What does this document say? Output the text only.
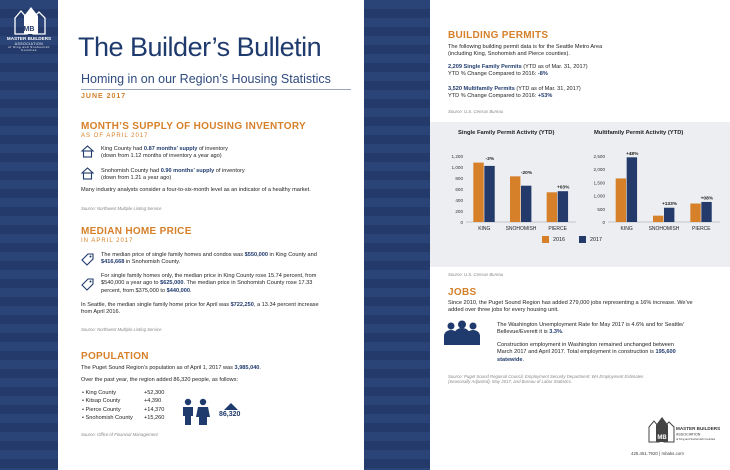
MB
MASTER BUILDERS
ASSOCIATION
of King and Snohomish Counties	The Builder’s Bulletin
Homing in on our Region’s Housing Statistics
JUNE 2017
MONTH’S SUPPLY OF HOUSING INVENTORY
AS OF APRIL 2017
King County had 0.87 months’ supply of inventory
(down from 1.12 months of inventory a year ago)
Snohomish County had 0.90 months’ supply of inventory
(down from 1.21 a year ago)
Many industry analysts consider a four-to-six-month level as an indicator of a healthy market.
Source: Northwest Multiple Listing Service
MEDIAN HOME PRICE
IN APRIL 2017
The median price of single family homes and condos was $550,000 in King County and
$416,668 in Snohomish County.
For single family homes only, the median price in King County rose 15.74 percent, from
$540,000 a year ago to $625,000. The median price in Snohomish County rose 17.33
percent, from $375,000 to $440,000.
In Seattle, the median single family home price for April was $722,250, a 13.34 percent increase
from April 2016.
Source: Northwest Multiple Listing Service
POPULATION
The Puget Sound Region’s population as of April 1, 2017 was 3,985,040.
Over the past year, the region added 86,320 people, as follows:
• King County	+52,300
• Kitsap County	+4,390
• Pierce County	+14,370
• Snohomish County	+15,260
86,320
Source: Office of Financial Management
BUILDING PERMITS
The following building permit data is for the Seattle Metro Area
(including King, Snohomish and Pierce counties).
2,209 Single Family Permits (YTD as of Mar. 31, 2017)
YTD % Change Compared to 2016: -8%
3,520 Multifamily Permits (YTD as of Mar. 31, 2017)
YTD % Change Compared to 2016: +53%
Source: U.S. Census Bureau
Single Family Permit Activity (YTD)	Multifamily Permit Activity (YTD)
0
200
400
600
800
1,000
1,200
-3%
KING
-20%
SNOHOMISH
+03%
PIERCE
0
500
1,000
1,500
2,000
2,500	+48%
KING
+133%
SNOHOMISH
+08%
PIERCE
2016	2017
Source: U.S. Census Bureau
JOBS
Since 2010, the Puget Sound Region has added 279,000 jobs representing a 16% increase. We’ve
added over three jobs for every housing unit.
The Washington Unemployment Rate for May 2017 is 4.6% and for Seattle/
Bellevue/Everett it is 3.3%.
Construction employment in Washington remained unchanged between
March 2017 and April 2017. Total employment in construction is 195,600
statewide.
Source: Puget Sound Regional Council, Employment Security Department: WA Employment Estimates
(Seasonally Adjusted), May 2017, and Bureau of Labor Statistics.
MB
MASTER BUILDERS
ASSOCIATION
of King and Snohomish Counties
425.451.7920 | mbaks.com
